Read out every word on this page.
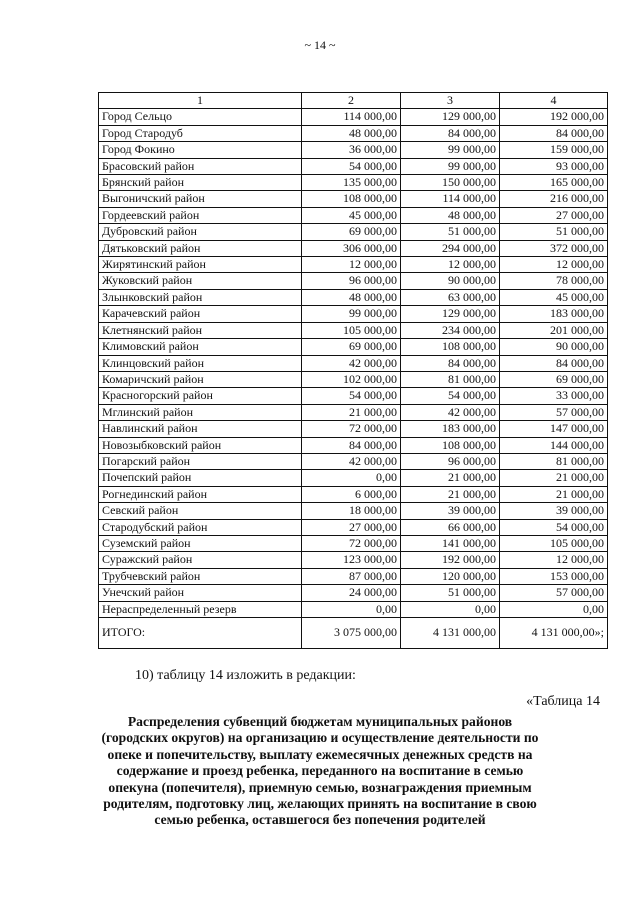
~ 14 ~
1	2	3	4
Город Сельцо	114 000,00	129 000,00	192 000,00
Город Стародуб	48 000,00	84 000,00	84 000,00
Город Фокино	36 000,00	99 000,00	159 000,00
Брасовский район	54 000,00	99 000,00	93 000,00
Брянский район	135 000,00	150 000,00	165 000,00
Выгоничский район	108 000,00	114 000,00	216 000,00
Гордеевский район	45 000,00	48 000,00	27 000,00
Дубровский район	69 000,00	51 000,00	51 000,00
Дятьковский район	306 000,00	294 000,00	372 000,00
Жирятинский район	12 000,00	12 000,00	12 000,00
Жуковский район	96 000,00	90 000,00	78 000,00
Злынковский район	48 000,00	63 000,00	45 000,00
Карачевский район	99 000,00	129 000,00	183 000,00
Клетнянский район	105 000,00	234 000,00	201 000,00
Климовский район	69 000,00	108 000,00	90 000,00
Клинцовский район	42 000,00	84 000,00	84 000,00
Комаричский район	102 000,00	81 000,00	69 000,00
Красногорский район	54 000,00	54 000,00	33 000,00
Мглинский район	21 000,00	42 000,00	57 000,00
Навлинский район	72 000,00	183 000,00	147 000,00
Новозыбковский район	84 000,00	108 000,00	144 000,00
Погарский район	42 000,00	96 000,00	81 000,00
Почепский район	0,00	21 000,00	21 000,00
Рогнединский район	6 000,00	21 000,00	21 000,00
Севский район	18 000,00	39 000,00	39 000,00
Стародубский район	27 000,00	66 000,00	54 000,00
Суземский район	72 000,00	141 000,00	105 000,00
Суражский район	123 000,00	192 000,00	12 000,00
Трубчевский район	87 000,00	120 000,00	153 000,00
Унечский район	24 000,00	51 000,00	57 000,00
Нераспределенный резерв	0,00	0,00	0,00
ИТОГО:	3 075 000,00	4 131 000,00	4 131 000,00»;
10) таблицу 14 изложить в редакции:
«Таблица 14
Распределения субвенций бюджетам муниципальных районов (городских округов) на организацию и осуществление деятельности по опеке и попечительству, выплату ежемесячных денежных средств на содержание и проезд ребенка, переданного на воспитание в семью опекуна (попечителя), приемную семью, вознаграждения приемным родителям, подготовку лиц, желающих принять на воспитание в свою семью ребенка, оставшегося без попечения родителей
